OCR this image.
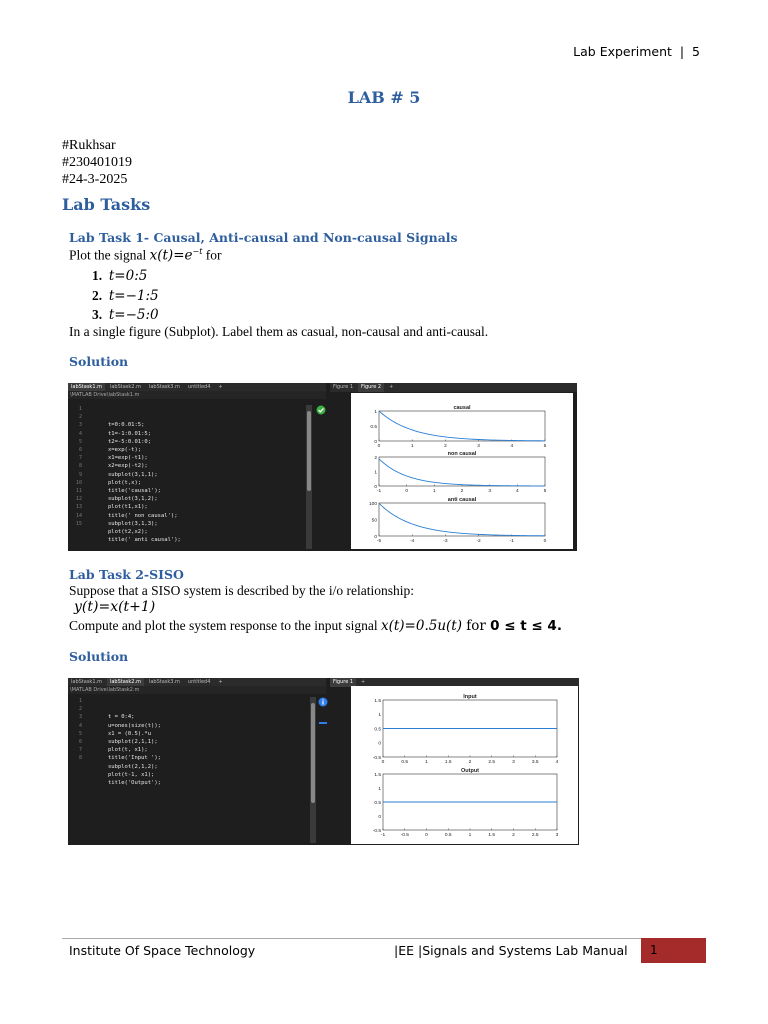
Lab Experiment  |  5
LAB # 5
#Rukhsar
#230401019
#24-3-2025
Lab Tasks
Lab Task 1- Causal, Anti-causal and Non-causal Signals
Plot the signal $x(t)=e^{-t}$ for
1. t=0:5
2. t=−1:5
3. t=−5:0
In a single figure (Subplot). Label them as casual, non-causal and anti-causal.
Solution
labStask1.m	labStask2.m	labStask3.m	untitled4	+
\MATLAB Drive\labStask1.m
1
2
3
4
5
6
7
8
9
10
11
12
13
14
15

t=0:0.01:5;
t1=-1:0.01:5;
t2=-5:0.01:0;
x=exp(-t);
x1=exp(-t1);
x2=exp(-t2);
subplot(3,1,1);
plot(t,x);
title('causal');
subplot(3,1,2);
plot(t1,x1);
title(' non causal');
subplot(3,1,3);
plot(t2,x2);
title(' anti causal');

Figure 1	Figure 2	+
causal
0	1	2	3	4	5
1
0.5
0
non causal
-1	0	1	2	3	4	5
2
1
0
anti causal
-5	-4	-3	-2	-1	0
100
50
0
Lab Task 2-SISO
Suppose that a SISO system is described by the i/o relationship:
y(t)=x(t+1)
Compute and plot the system response to the input signal x(t)=0.5u(t) for 0 ≤ t ≤ 4.
Solution
labStask1.m	labStask2.m	labStask3.m	untitled4	+
\MATLAB Drive\labStask2.m
1
2
3
4
5
6
7
8

t = 0:4;
u=ones(size(t));
x1 = (0.5).*u
subplot(2,1,1);
plot(t, x1);
title('Input ');
subplot(2,1,2);
plot(t-1, x1);
title('Output');

Figure 1	+
Input
0	0.5	1	1.5	2	2.5	3	3.5	4
1.5
1
0.5
0
-0.5
Output
-1	-0.5	0	0.5	1	1.5	2	2.5	3
1.5
1
0.5
0
-0.5
Institute Of Space Technology	|EE |Signals and Systems Lab Manual 1
